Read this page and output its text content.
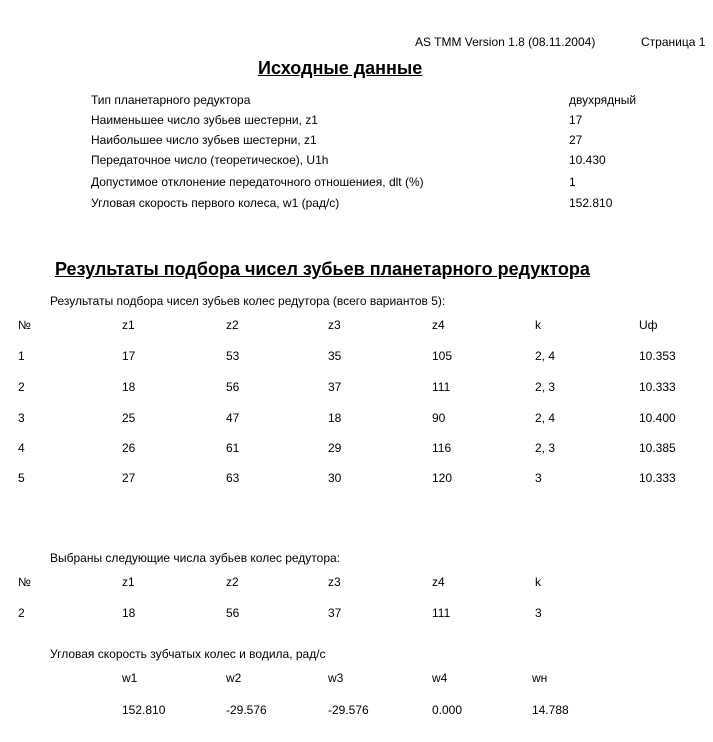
AS TMM Version 1.8 (08.11.2004)	Страница 1
Исходные данные
Тип планетарного редуктора	двухрядный
Наименьшее число зубьев шестерни, z1	17
Наибольшее число зубьев шестерни, z1	27
Передаточное число (теоретическое), U1h	10.430
Допустимое отклонение передаточного отношениея, dlt (%)	1
Угловая скорость первого колеса, w1 (рад/с)	152.810
Результаты подбора чисел зубьев планетарного редуктора
Результаты подбора чисел зубьев колес редутора (всего вариантов 5):
№	z1	z2	z3	z4	k	Uф
1	17	53	35	105	2, 4	10.353
2	18	56	37	111	2, 3	10.333
3	25	47	18	90	2, 4	10.400
4	26	61	29	116	2, 3	10.385
5	27	63	30	120	3	10.333
Выбраны следующие числа зубьев колес редутора:
№	z1	z2	z3	z4	k
2	18	56	37	111	3
Угловая скорость зубчатых колес и водила, рад/с
w1	w2	w3	w4	wн
152.810	-29.576	-29.576	0.000	14.788
